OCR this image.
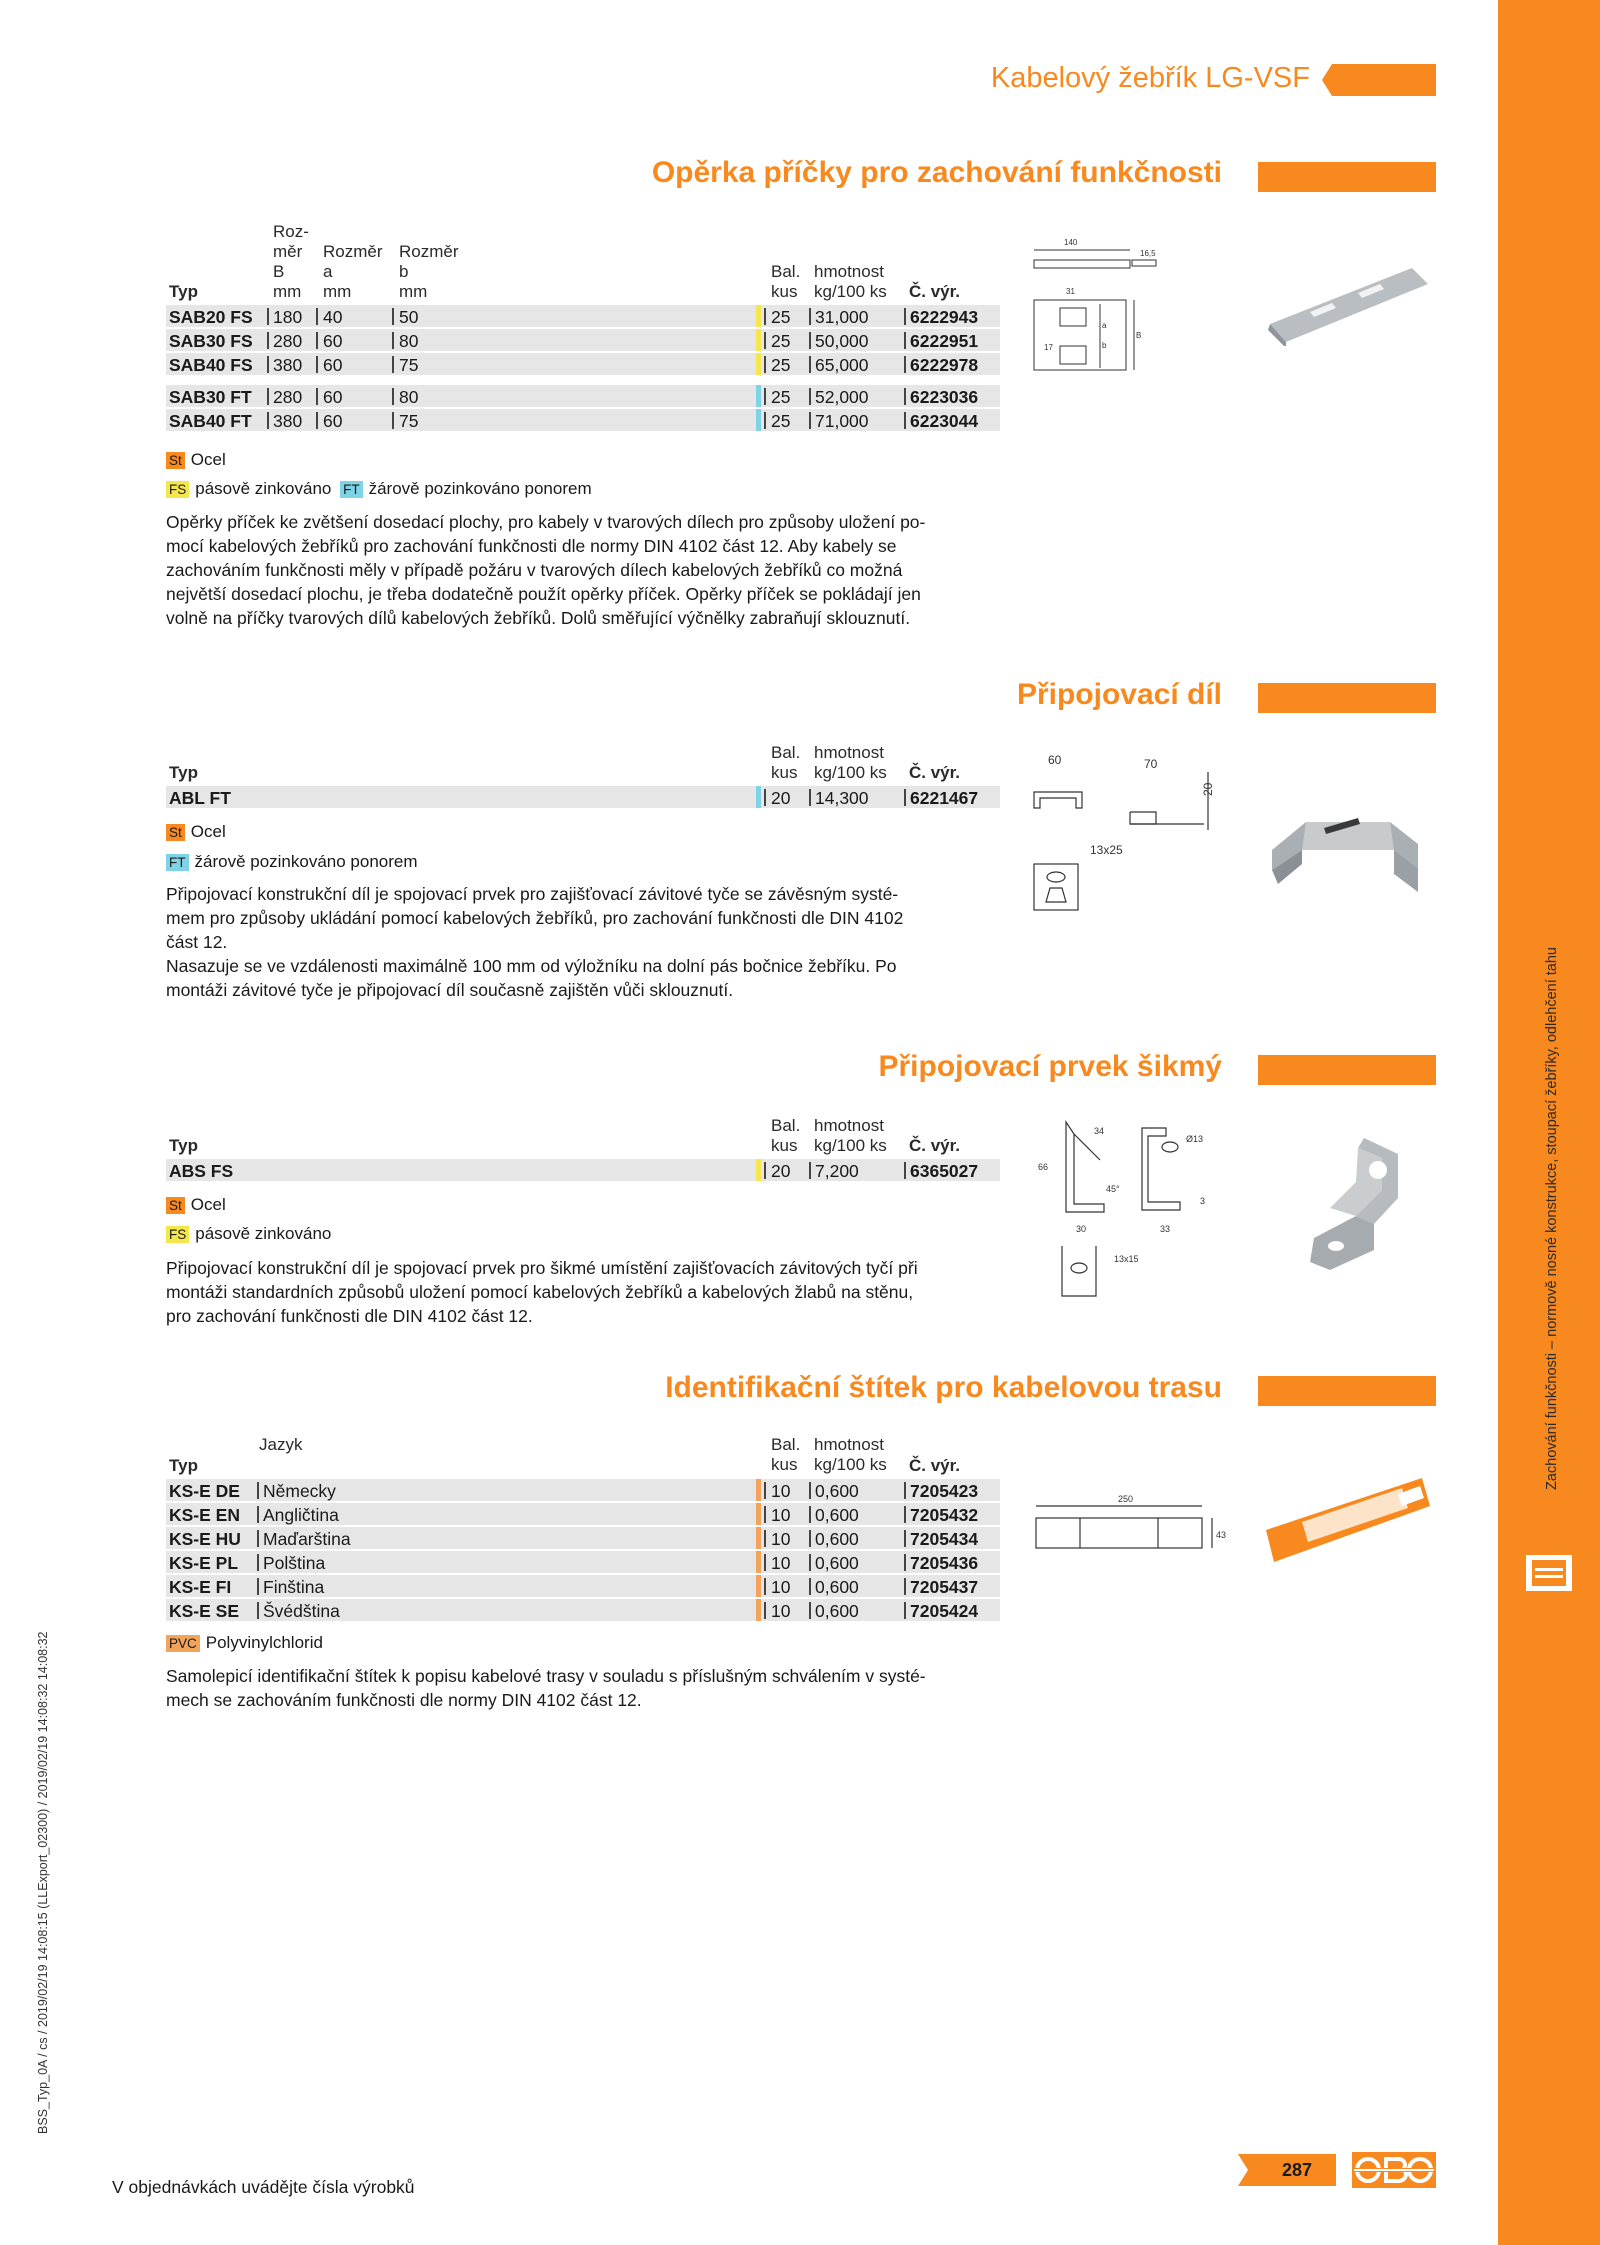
Zachování funkčnosti – normově nosné konstrukce, stoupací žebříky, odlehčení tahu
BSS_Typ_0A / cs / 2019/02/19 14:08:15 (LLExport_02300) / 2019/02/19 14:08:32 14:08:32
Kabelový žebřík LG-VSF
Opěrka příčky pro zachování funkčnosti
Roz-
měr
B
mm
Rozměr
a
mm
Rozměr
b
mm
Typ
Bal.
kus
hmotnost
kg/100 ks Č. výr.
SAB20 FS 180 40	50	25 31,000 6222943
SAB30 FS 280 60	80	25 50,000 6222951
SAB40 FS 380 60	75	25 65,000 6222978
SAB30 FT 280 60	80	25 52,000 6223036
SAB40 FT 380 60	75	25 71,000 6223044
St Ocel
FS pásově zinkováno FT žárově pozinkováno ponorem

Opěrky příček ke zvětšení dosedací plochy, pro kabely v tvarových dílech pro způsoby uložení po-

mocí kabelových žebříků pro zachování funkčnosti dle normy DIN 4102 část 12. Aby kabely se

zachováním funkčnosti měly v případě požáru v tvarových dílech kabelových žebříků co možná

největší dosedací plochu, je třeba dodatečně použít opěrky příček. Opěrky příček se pokládají jen

volně na příčky tvarových dílů kabelových žebříků. Dolů směřující výčnělky zabraňují sklouznutí.

140
16,5
31
17
a
b
B
Připojovací díl
Typ
Bal.
kus
hmotnost
kg/100 ks Č. výr.
ABL FT	20 14,300 6221467
St Ocel
FT žárově pozinkováno ponorem

Připojovací konstrukční díl je spojovací prvek pro zajišťovací závitové tyče se závěsným systé-

mem pro způsoby ukládání pomocí kabelových žebříků, pro zachování funkčnosti dle DIN 4102

část 12.

Nasazuje se ve vzdálenosti maximálně 100 mm od výložníku na dolní pás bočnice žebříku. Po

montáži závitové tyče je připojovací díl současně zajištěn vůči sklouznutí.

60	70
20
13x25
Připojovací prvek šikmý
Typ
Bal.
kus
hmotnost
kg/100 ks Č. výr.
ABS FS	20 7,200	6365027
St Ocel
FS pásově zinkováno

Připojovací konstrukční díl je spojovací prvek pro šikmé umístění zajišťovacích závitových tyčí při

montáži standardních způsobů uložení pomocí kabelových žebříků a kabelových žlabů na stěnu,

pro zachování funkčnosti dle DIN 4102 část 12.

34
66
45°
Ø13
3
30	33
13x15
Identifikační štítek pro kabelovou trasu
Jazyk
Typ
Bal.
kus
hmotnost
kg/100 ks Č. výr.
KS-E DE Německy	10 0,600	7205423
KS-E EN Angličtina	10 0,600	7205432
KS-E HU Maďarština	10 0,600	7205434
KS-E PL Polština	10 0,600	7205436
KS-E FI Finština	10 0,600	7205437
KS-E SE Švédština	10 0,600	7205424
PVC Polyvinylchlorid

Samolepicí identifikační štítek k popisu kabelové trasy v souladu s příslušným schválením v systé-

mech se zachováním funkčnosti dle normy DIN 4102 část 12.

250
43
V objednávkách uvádějte čísla výrobků
287
